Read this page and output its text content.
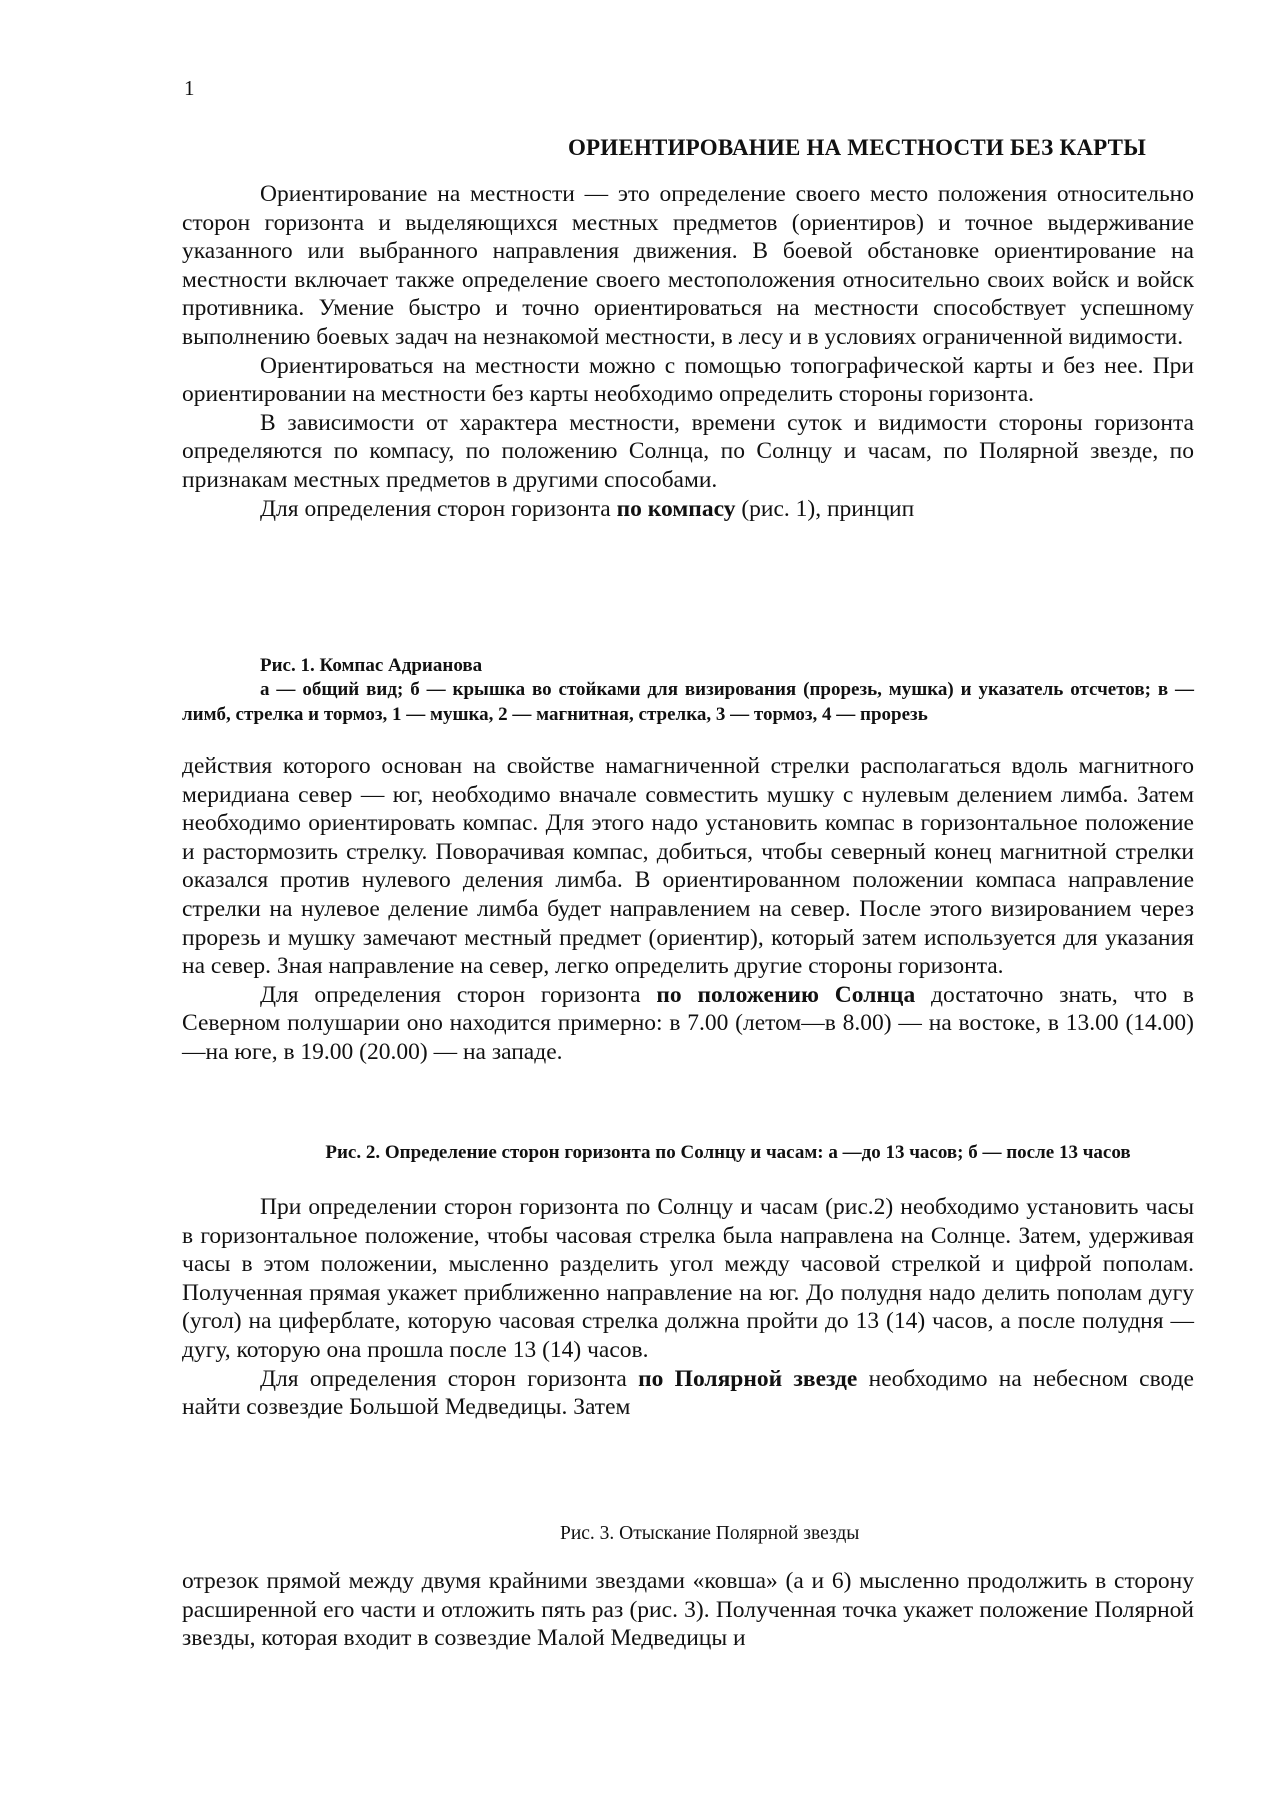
1
ОРИЕНТИРОВАНИЕ НА МЕСТНОСТИ БЕЗ КАРТЫ

Ориентирование на местности — это определение своего место положения относительно сторон горизонта и выделяющихся местных предметов (ориентиров) и точное выдерживание указанного или выбранного направления движения. В боевой обстановке ориентирование на местности включает также определение своего местоположения относительно своих войск и войск противника. Умение быстро и точно ориентироваться на местности способствует успешному выполнению боевых задач на незнакомой местности, в лесу и в условиях ограниченной видимости.

Ориентироваться на местности можно с помощью топографической карты и без нее. При ориентировании на местности без карты необходимо определить стороны горизонта.

В зависимости от характера местности, времени суток и видимости стороны горизонта определяются по компасу, по положению Солнца, по Солнцу и часам, по Полярной звезде, по признакам местных предметов в другими способами.

Для определения сторон горизонта по компасу (рис. 1), принцип

Рис. 1. Компас Адрианова
а — общий вид; б — крышка во стойками для визирования (прорезь, мушка) и указатель отсчетов; в — лимб, стрелка и тормоз, 1 — мушка, 2 — магнитная, стрелка, 3 — тормоз, 4 — прорезь

действия которого основан на свойстве намагниченной стрелки располагаться вдоль магнитного меридиана север — юг, необходимо вначале совместить мушку с нулевым делением лимба. Затем необходимо ориентировать компас. Для этого надо установить компас в горизонтальное положение и растормозить стрелку. Поворачивая компас, добиться, чтобы северный конец магнитной стрелки оказался против нулевого деления лимба. В ориентированном положении компаса направление стрелки на нулевое деление лимба будет направлением на север. После этого визированием через прорезь и мушку замечают местный предмет (ориентир), который затем используется для указания на север. Зная направление на север, легко определить другие стороны горизонта.

Для определения сторон горизонта по положению Солнца достаточно знать, что в Северном полушарии оно находится примерно: в 7.00 (летом—в 8.00) — на востоке, в 13.00 (14.00)—на юге, в 19.00 (20.00) — на западе.

Рис. 2. Определение сторон горизонта по Солнцу и часам: а —до 13 часов; б — после 13 часов

При определении сторон горизонта по Солнцу и часам (рис.2) необходимо установить часы в горизонтальное положение, чтобы часовая стрелка была направлена на Солнце. Затем, удерживая часы в этом положении, мысленно разделить угол между часовой стрелкой и цифрой пополам. Полученная прямая укажет приближенно направление на юг. До полудня надо делить пополам дугу (угол) на циферблате, которую часовая стрелка должна пройти до 13 (14) часов, а после полудня — дугу, которую она прошла после 13 (14) часов.

Для определения сторон горизонта по Полярной звезде необходимо на небесном своде найти созвездие Большой Медведицы. Затем

Рис. 3. Отыскание Полярной звезды

отрезок прямой между двумя крайними звездами «ковша» (а и 6) мысленно продолжить в сторону расширенной его части и отложить пять раз (рис. 3). Полученная точка укажет положение Полярной звезды, которая входит в созвездие Малой Медведицы и
